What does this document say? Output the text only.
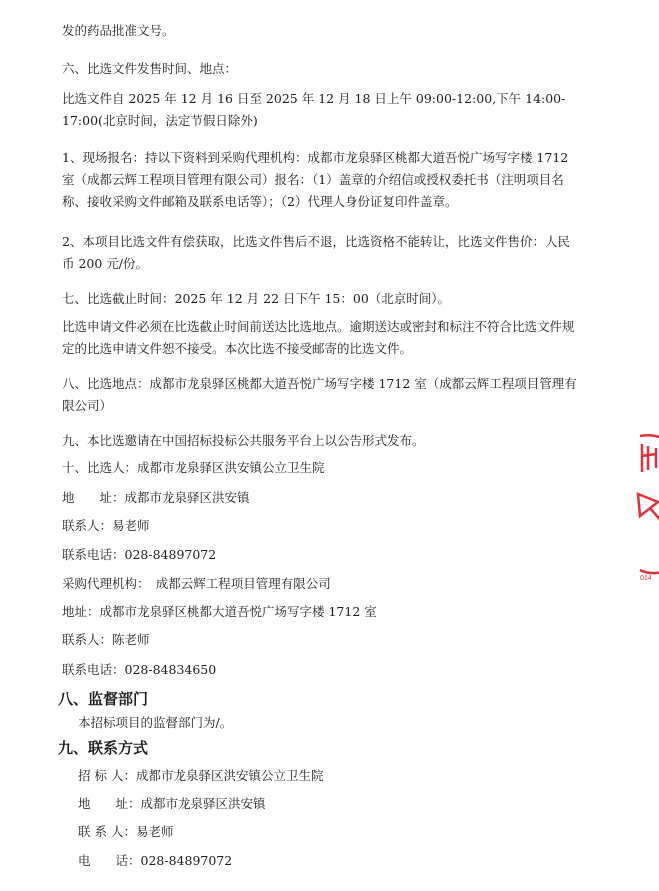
发的药品批准文号。

六、比选文件发售时间、地点：

比选文件自 2025 年 12 月 16 日至 2025 年 12 月 18 日上午 09:00-12:00,下午 14:00-17:00(北京时间，法定节假日除外)

1、现场报名：持以下资料到采购代理机构：成都市龙泉驿区桃都大道吾悦广场写字楼 1712 室（成都云辉工程项目管理有限公司）报名：（1）盖章的介绍信或授权委托书（注明项目名称、接收采购文件邮箱及联系电话等）；（2）代理人身份证复印件盖章。

2、本项目比选文件有偿获取，比选文件售后不退，比选资格不能转让，比选文件售价：人民币 200 元/份。

七、比选截止时间：2025 年 12 月 22 日下午 15：00（北京时间）。

比选申请文件必须在比选截止时间前送达比选地点。逾期送达或密封和标注不符合比选文件规定的比选申请文件恕不接受。本次比选不接受邮寄的比选文件。

八、比选地点：成都市龙泉驿区桃都大道吾悦广场写字楼 1712 室（成都云辉工程项目管理有限公司）

九、本比选邀请在中国招标投标公共服务平台上以公告形式发布。

十、比选人：成都市龙泉驿区洪安镇公立卫生院

地　　址：成都市龙泉驿区洪安镇

联系人：易老师

联系电话：028-84897072

采购代理机构：　成都云辉工程项目管理有限公司

地址：成都市龙泉驿区桃都大道吾悦广场写字楼 1712 室

联系人：陈老师

联系电话：028-84834650

八、监督部门

本招标项目的监督部门为/。

九、联系方式

招 标 人：成都市龙泉驿区洪安镇公立卫生院

地　　址：成都市龙泉驿区洪安镇

联 系 人：易老师

电　　话：028-84897072

014
